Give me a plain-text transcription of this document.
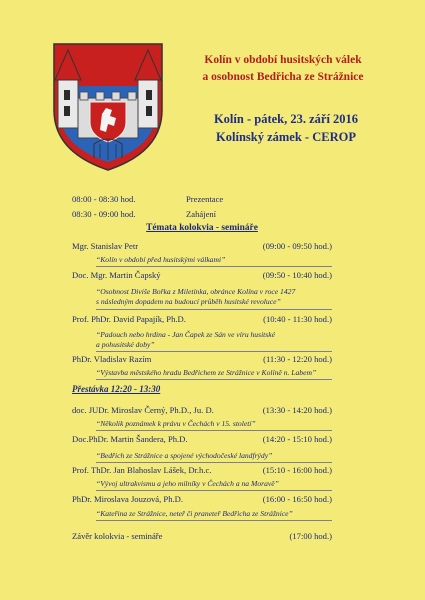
Kolín v období husitských válek
a osobnost Bedřicha ze Strážnice
Kolín - pátek, 23. září 2016
Kolínský zámek - CEROP
08:00 - 08:30 hod.	Prezentace
08:30 - 09:00 hod.	Zahájení
Témata kolokvia - semináře
Mgr. Stanislav Petr	(09:00 - 09:50 hod.)
“Kolín v období před husitskými válkami”
Doc. Mgr. Martin Čapský	(09:50 - 10:40 hod.)
“Osobnost Diviše Bořka z Miletínka, obránce Kolína v roce 1427
s následným dopadem na budoucí průběh husitské revoluce”
Prof. PhDr. David Papajík, Ph.D.	(10:40 - 11:30 hod.)
“Padouch nebo hrdina - Jan Čapek ze Sán ve víru husitské
a pohusitské doby”
PhDr. Vladislav Razím	(11:30 - 12:20 hod.)
“Výstavba městského hradu Bedřichem ze Strážnice v Kolíně n. Labem”
Přestávka 12:20 - 13:30
doc. JUDr. Miroslav Černý, Ph.D., Ju. D.	(13:30 - 14:20 hod.)
“Několik poznámek k právu v Čechách v 15. století”
Doc.PhDr. Martin Šandera, Ph.D.	(14:20 - 15:10 hod.)
“Bedřich ze Strážnice a spojené východočeské landfrýdy”
Prof. ThDr. Jan Blahoslav Lášek, Dr.h.c.	(15:10 - 16:00 hod.)
“Vývoj ultrakvismu a jeho milníky v Čechách a na Moravě”
PhDr. Miroslava Jouzová, Ph.D.	(16:00 - 16:50 hod.)
“Kateřina ze Strážnice, neteř či praneteř Bedřicha ze Strážnice”
Závěr kolokvia - semináře	(17:00 hod.)
